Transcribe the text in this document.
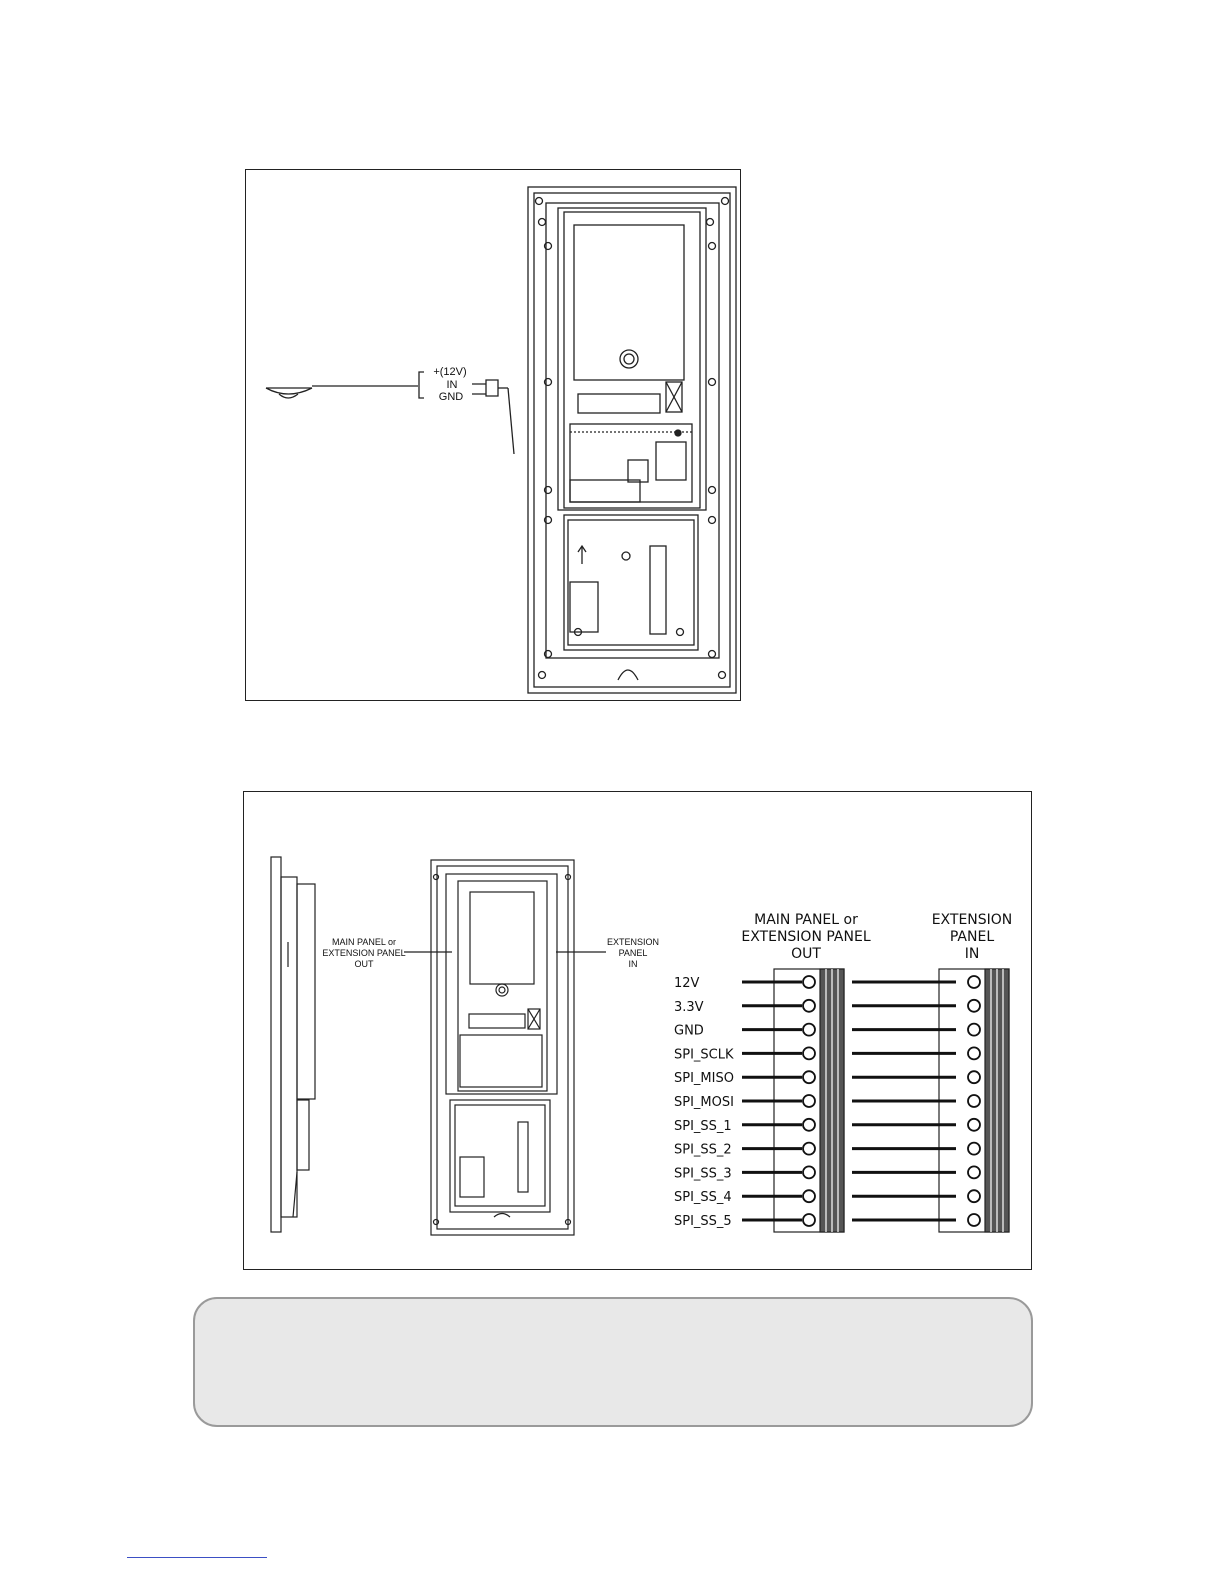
+(12V)
IN
GND
MAIN PANEL or
EXTENSION PANEL
OUT
EXTENSION
PANEL
IN
MAIN PANEL or
EXTENSION PANEL
OUT
EXTENSION
PANEL
IN
12V
3.3V
GND
SPI_SCLK
SPI_MISO
SPI_MOSI
SPI_SS_1
SPI_SS_2
SPI_SS_3
SPI_SS_4
SPI_SS_5
